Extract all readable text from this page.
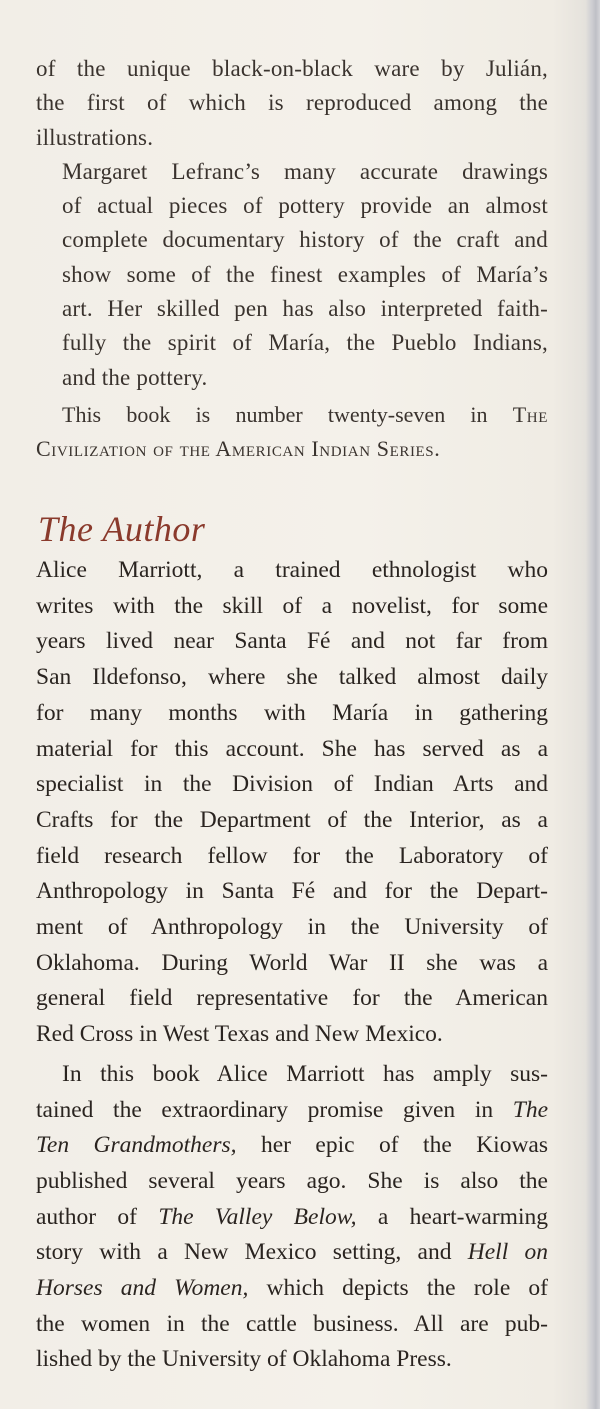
of the unique black-on-black ware by Julián,
the first of which is reproduced among the
illustrations.

Margaret Lefranc’s many accurate drawings
of actual pieces of pottery provide an almost
complete documentary history of the craft and
show some of the finest examples of María’s
art. Her skilled pen has also interpreted faith-
fully the spirit of María, the Pueblo Indians,
and the pottery.

This book is number twenty-seven in The
Civilization of the American Indian Series.
The Author

Alice Marriott, a trained ethnologist who
writes with the skill of a novelist, for some
years lived near Santa Fé and not far from
San Ildefonso, where she talked almost daily
for many months with María in gathering
material for this account. She has served as a
specialist in the Division of Indian Arts and
Crafts for the Department of the Interior, as a
field research fellow for the Laboratory of
Anthropology in Santa Fé and for the Depart-
ment of Anthropology in the University of
Oklahoma. During World War II she was a
general field representative for the American
Red Cross in West Texas and New Mexico.

In this book Alice Marriott has amply sus-
tained the extraordinary promise given in The
Ten Grandmothers, her epic of the Kiowas
published several years ago. She is also the
author of The Valley Below, a heart-warming
story with a New Mexico setting, and Hell on
Horses and Women, which depicts the role of
the women in the cattle business. All are pub-
lished by the University of Oklahoma Press.
